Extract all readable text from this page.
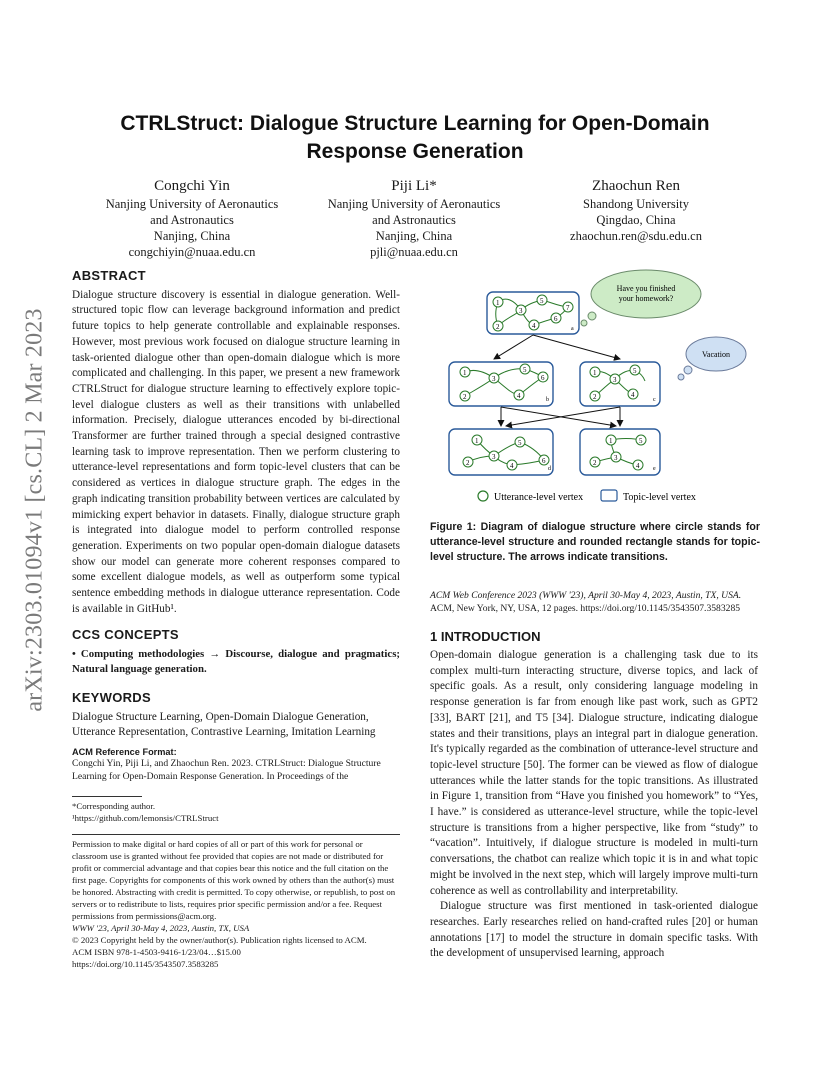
arXiv:2303.01094v1 [cs.CL] 2 Mar 2023
CTRLStruct: Dialogue Structure Learning for Open-Domain Response Generation
Congchi Yin
Nanjing University of Aeronautics
and Astronautics
Nanjing, China
congchiyin@nuaa.edu.cn
Piji Li*
Nanjing University of Aeronautics
and Astronautics
Nanjing, China
pjli@nuaa.edu.cn
Zhaochun Ren
Shandong University
Qingdao, China
zhaochun.ren@sdu.edu.cn
ABSTRACT

Dialogue structure discovery is essential in dialogue generation. Well-structured topic flow can leverage background information and predict future topics to help generate controllable and explainable responses. However, most previous work focused on dialogue structure learning in task-oriented dialogue other than open-domain dialogue which is more complicated and challenging. In this paper, we present a new framework CTRLStruct for dialogue structure learning to effectively explore topic-level dialogue clusters as well as their transitions with unlabelled information. Precisely, dialogue utterances encoded by bi-directional Transformer are further trained through a special designed contrastive learning task to improve representation. Then we perform clustering to utterance-level representations and form topic-level clusters that can be considered as vertices in dialogue structure graph. The edges in the graph indicating transition probability between vertices are calculated by mimicking expert behavior in datasets. Finally, dialogue structure graph is integrated into dialogue model to perform controlled response generation. Experiments on two popular open-domain dialogue datasets show our model can generate more coherent responses compared to some excellent dialogue models, as well as outperform some typical sentence embedding methods in dialogue utterance representation. Code is available in GitHub¹.

CCS CONCEPTS

• Computing methodologies → Discourse, dialogue and pragmatics; Natural language generation.

KEYWORDS

Dialogue Structure Learning, Open-Domain Dialogue Generation, Utterance Representation, Contrastive Learning, Imitation Learning

ACM Reference Format:

Congchi Yin, Piji Li, and Zhaochun Ren. 2023. CTRLStruct: Dialogue Structure Learning for Open-Domain Response Generation. In Proceedings of the

*Corresponding author.
¹https://github.com/lemonsis/CTRLStruct

Permission to make digital or hard copies of all or part of this work for personal or classroom use is granted without fee provided that copies are not made or distributed for profit or commercial advantage and that copies bear this notice and the full citation on the first page. Copyrights for components of this work owned by others than the author(s) must be honored. Abstracting with credit is permitted. To copy otherwise, or republish, to post on servers or to redistribute to lists, requires prior specific permission and/or a fee. Request permissions from permissions@acm.org.

WWW '23, April 30-May 4, 2023, Austin, TX, USA

© 2023 Copyright held by the owner/author(s). Publication rights licensed to ACM.

ACM ISBN 978-1-4503-9416-1/23/04…$15.00

https://doi.org/10.1145/3543507.3583285

1
3
5
7
2	4
6
a
Have you finished
your homework?
Vacation
1
3
5
6
2	4	b
1
3
5
2	4
c
1
3
5
6
2	4	d
1	5
3
2	4 e
Utterance-level vertex	Topic-level vertex
Figure 1: Diagram of dialogue structure where circle stands for utterance-level structure and rounded rectangle stands for topic-level structure. The arrows indicate transitions.
ACM Web Conference 2023 (WWW '23), April 30-May 4, 2023, Austin, TX, USA.
ACM, New York, NY, USA, 12 pages. https://doi.org/10.1145/3543507.3583285
1 INTRODUCTION

Open-domain dialogue generation is a challenging task due to its complex multi-turn interacting structure, diverse topics, and lack of specific goals. As a result, only considering language modeling in response generation is far from enough like past work, such as GPT2 [33], BART [21], and T5 [34]. Dialogue structure, indicating dialogue states and their transitions, plays an integral part in dialogue generation. It's typically regarded as the combination of utterance-level structure and topic-level structure [50]. The former can be viewed as flow of dialogue utterances while the latter stands for the topic transitions. As illustrated in Figure 1, transition from “Have you finished you homework” to “Yes, I have.” is considered as utterance-level structure, while the topic-level structure is transitions from a higher perspective, like from “study” to “vacation”. Intuitively, if dialogue structure is modeled in multi-turn conversations, the chatbot can realize which topic it is in and what topic might be involved in the next step, which will largely improve multi-turn coherence as well as controllability and interpretability.

Dialogue structure was first mentioned in task-oriented dialogue researches. Early researches relied on hand-crafted rules [20] or human annotations [17] to model the structure in domain specific tasks. With the development of unsupervised learning, approach
